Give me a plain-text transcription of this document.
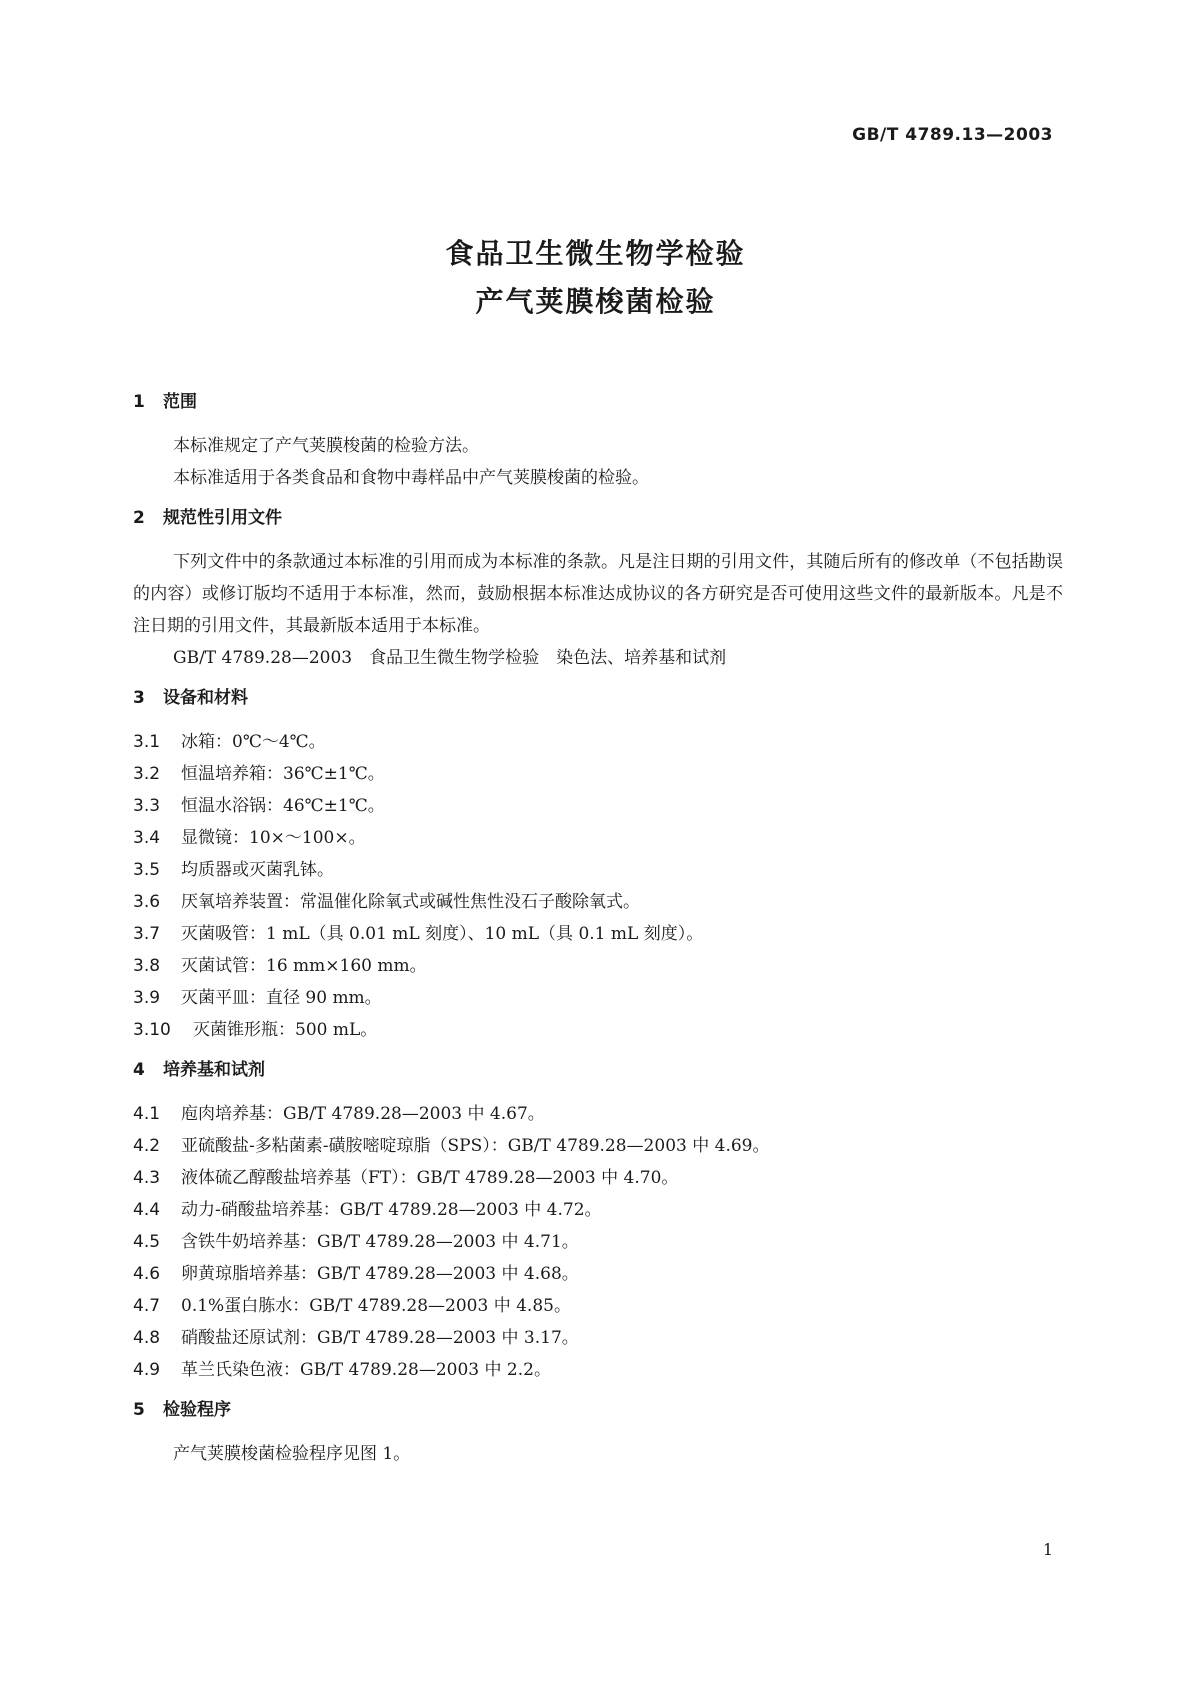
GB/T 4789.13—2003
食品卫生微生物学检验
产气荚膜梭菌检验
1 范围
本标准规定了产气荚膜梭菌的检验方法。
本标准适用于各类食品和食物中毒样品中产气荚膜梭菌的检验。
2 规范性引用文件
下列文件中的条款通过本标准的引用而成为本标准的条款。凡是注日期的引用文件，其随后所有的修改单（不包括勘误的内容）或修订版均不适用于本标准，然而，鼓励根据本标准达成协议的各方研究是否可使用这些文件的最新版本。凡是不注日期的引用文件，其最新版本适用于本标准。
GB/T 4789.28—2003　食品卫生微生物学检验　染色法、培养基和试剂
3 设备和材料
3.1 冰箱：0℃～4℃。
3.2 恒温培养箱：36℃±1℃。
3.3 恒温水浴锅：46℃±1℃。
3.4 显微镜：10×～100×。
3.5 均质器或灭菌乳钵。
3.6 厌氧培养装置：常温催化除氧式或碱性焦性没石子酸除氧式。
3.7 灭菌吸管：1 mL（具 0.01 mL 刻度）、10 mL（具 0.1 mL 刻度）。
3.8 灭菌试管：16 mm×160 mm。
3.9 灭菌平皿：直径 90 mm。
3.10 灭菌锥形瓶：500 mL。
4 培养基和试剂
4.1 庖肉培养基：GB/T 4789.28—2003 中 4.67。
4.2 亚硫酸盐-多粘菌素-磺胺嘧啶琼脂（SPS）：GB/T 4789.28—2003 中 4.69。
4.3 液体硫乙醇酸盐培养基（FT）：GB/T 4789.28—2003 中 4.70。
4.4 动力-硝酸盐培养基：GB/T 4789.28—2003 中 4.72。
4.5 含铁牛奶培养基：GB/T 4789.28—2003 中 4.71。
4.6 卵黄琼脂培养基：GB/T 4789.28—2003 中 4.68。
4.7 0.1%蛋白胨水：GB/T 4789.28—2003 中 4.85。
4.8 硝酸盐还原试剂：GB/T 4789.28—2003 中 3.17。
4.9 革兰氏染色液：GB/T 4789.28—2003 中 2.2。
5 检验程序
产气荚膜梭菌检验程序见图 1。
1
